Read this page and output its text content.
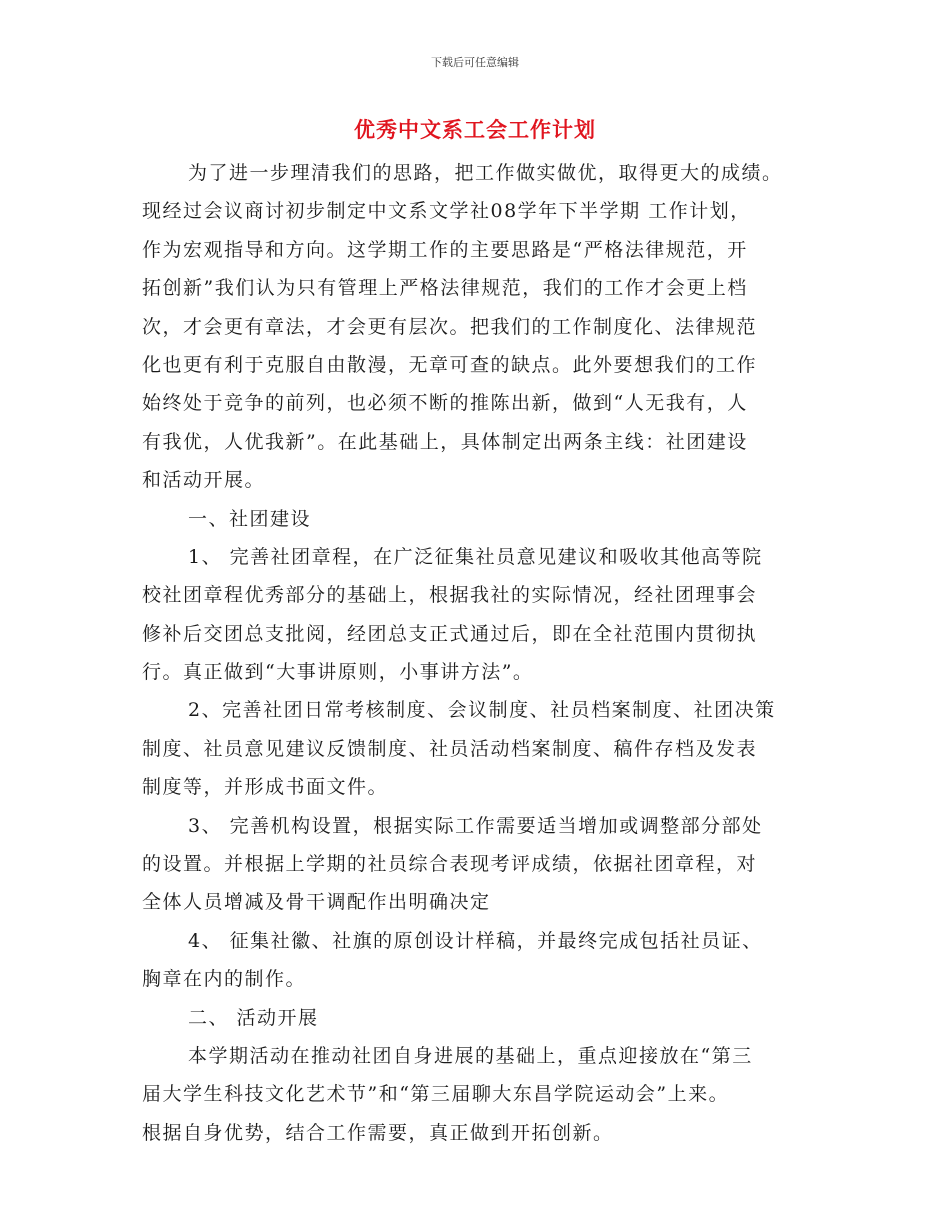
下载后可任意编辑
优秀中文系工会工作计划
为了进一步理清我们的思路，把工作做实做优，取得更大的成绩。
现经过会议商讨初步制定中文系文学社08学年下半学期 工作计划，
作为宏观指导和方向。这学期工作的主要思路是“严格法律规范，开
拓创新”我们认为只有管理上严格法律规范，我们的工作才会更上档
次，才会更有章法，才会更有层次。把我们的工作制度化、法律规范
化也更有利于克服自由散漫，无章可查的缺点。此外要想我们的工作
始终处于竞争的前列，也必须不断的推陈出新，做到“人无我有，人
有我优，人优我新”。在此基础上，具体制定出两条主线：社团建设
和活动开展。
一、社团建设
1、 完善社团章程，在广泛征集社员意见建议和吸收其他高等院
校社团章程优秀部分的基础上，根据我社的实际情况，经社团理事会
修补后交团总支批阅，经团总支正式通过后，即在全社范围内贯彻执
行。真正做到“大事讲原则，小事讲方法”。
2、完善社团日常考核制度、会议制度、社员档案制度、社团决策
制度、社员意见建议反馈制度、社员活动档案制度、稿件存档及发表
制度等，并形成书面文件。
3、 完善机构设置，根据实际工作需要适当增加或调整部分部处
的设置。并根据上学期的社员综合表现考评成绩，依据社团章程，对
全体人员增减及骨干调配作出明确决定
4、 征集社徽、社旗的原创设计样稿，并最终完成包括社员证、
胸章在内的制作。
二、 活动开展
本学期活动在推动社团自身进展的基础上，重点迎接放在“第三
届大学生科技文化艺术节”和“第三届聊大东昌学院运动会”上来。
根据自身优势，结合工作需要，真正做到开拓创新。
